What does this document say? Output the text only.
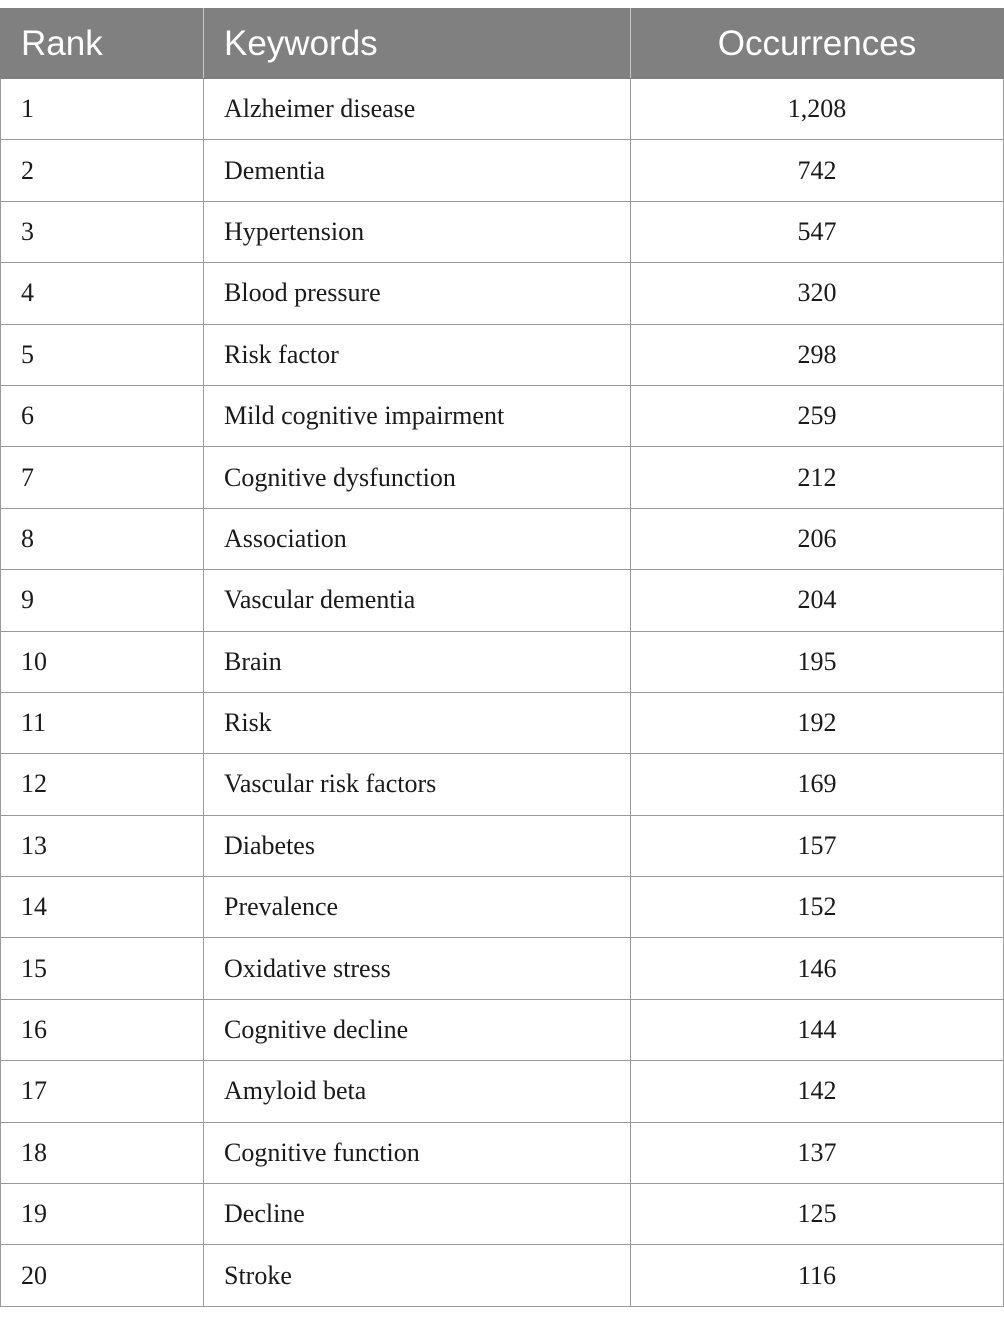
Rank	Keywords	Occurrences
1	Alzheimer disease	1,208
2	Dementia	742
3	Hypertension	547
4	Blood pressure	320
5	Risk factor	298
6	Mild cognitive impairment	259
7	Cognitive dysfunction	212
8	Association	206
9	Vascular dementia	204
10	Brain	195
11	Risk	192
12	Vascular risk factors	169
13	Diabetes	157
14	Prevalence	152
15	Oxidative stress	146
16	Cognitive decline	144
17	Amyloid beta	142
18	Cognitive function	137
19	Decline	125
20	Stroke	116
